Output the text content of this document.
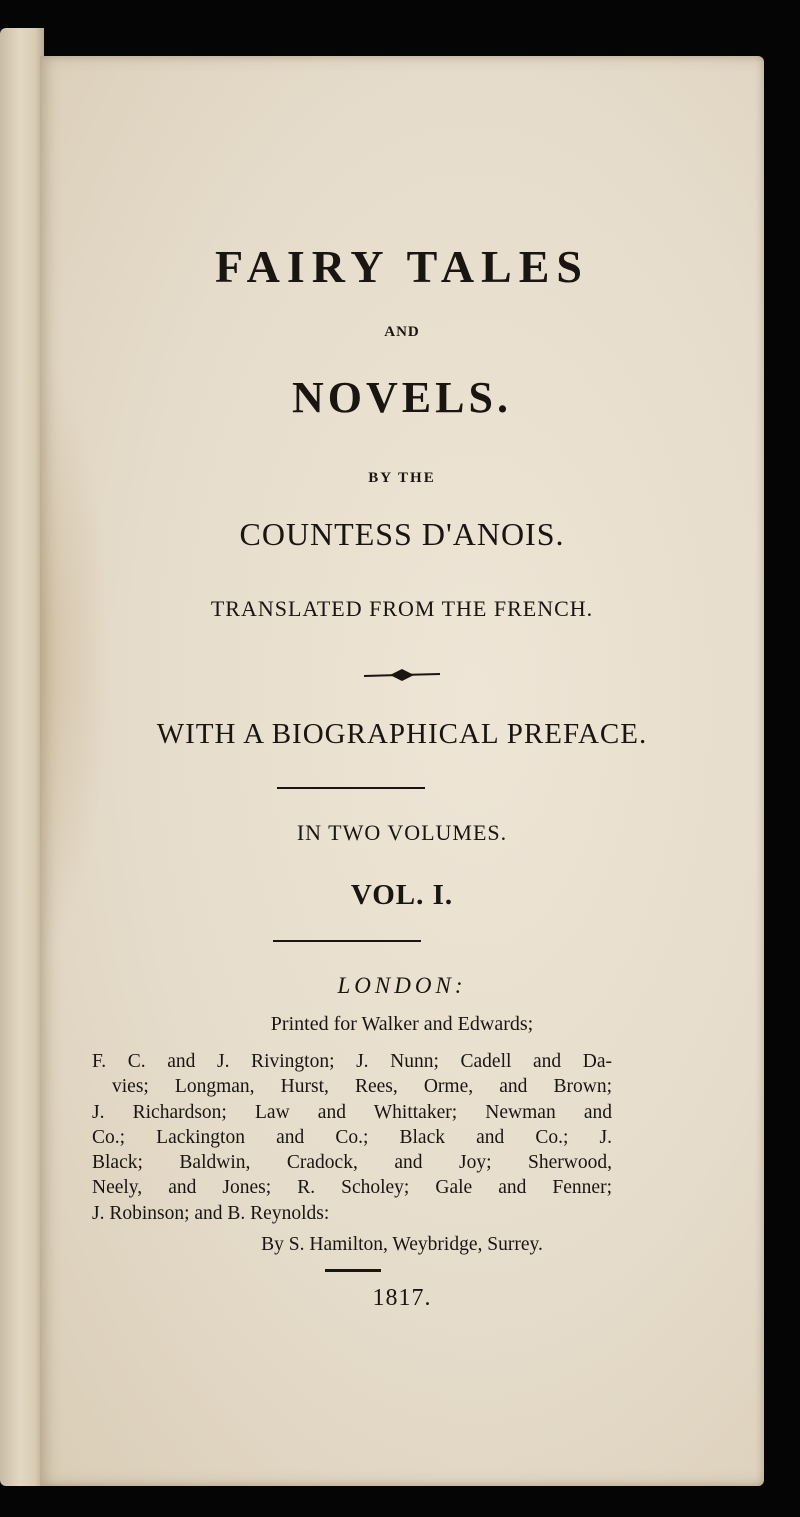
FAIRY TALES
AND
NOVELS.
BY THE
COUNTESS D'ANOIS.
TRANSLATED FROM THE FRENCH.
WITH A BIOGRAPHICAL PREFACE.
IN TWO VOLUMES.
VOL. I.
LONDON:
Printed for Walker and Edwards;
F. C. and J. Rivington; J. Nunn; Cadell and Da-
vies; Longman, Hurst, Rees, Orme, and Brown;
J. Richardson; Law and Whittaker; Newman and
Co.; Lackington and Co.; Black and Co.; J.
Black; Baldwin, Cradock, and Joy; Sherwood,
Neely, and Jones; R. Scholey; Gale and Fenner;
J. Robinson; and B. Reynolds:
By S. Hamilton, Weybridge, Surrey.
1817.
